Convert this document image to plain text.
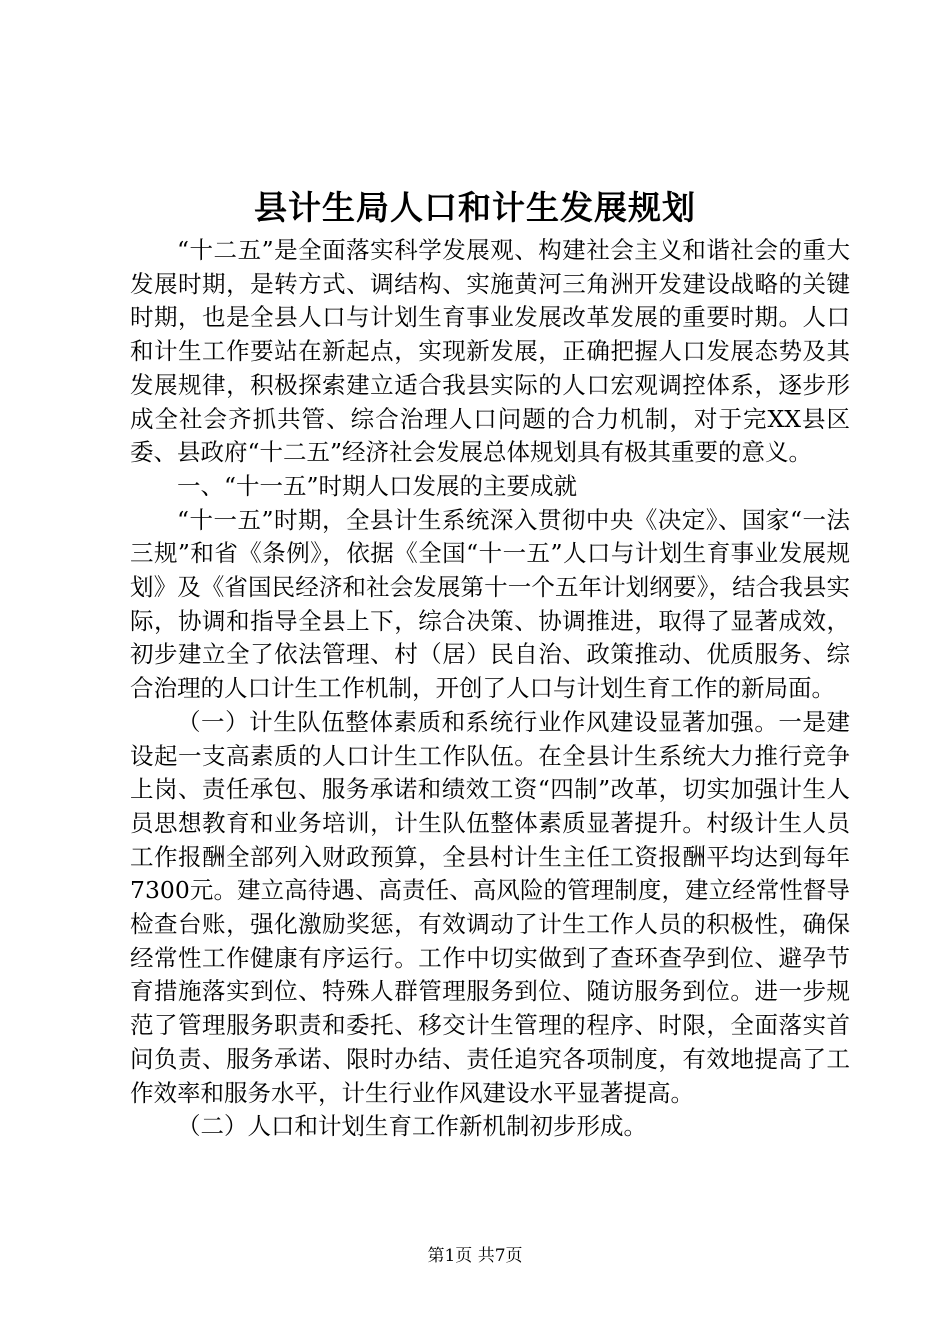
县计生局人口和计生发展规划

“十二五”是全面落实科学发展观、构建社会主义和谐社会的重大发展时期，是转方式、调结构、实施黄河三角洲开发建设战略的关键时期，也是全县人口与计划生育事业发展改革发展的重要时期。人口和计生工作要站在新起点，实现新发展，正确把握人口发展态势及其发展规律，积极探索建立适合我县实际的人口宏观调控体系，逐步形成全社会齐抓共管、综合治理人口问题的合力机制，对于完XX县区委、县政府“十二五”经济社会发展总体规划具有极其重要的意义。

一、“十一五”时期人口发展的主要成就

“十一五”时期，全县计生系统深入贯彻中央《决定》、国家“一法三规”和省《条例》，依据《全国“十一五”人口与计划生育事业发展规划》及《省国民经济和社会发展第十一个五年计划纲要》，结合我县实际，协调和指导全县上下，综合决策、协调推进，取得了显著成效，初步建立全了依法管理、村（居）民自治、政策推动、优质服务、综合治理的人口计生工作机制，开创了人口与计划生育工作的新局面。

（一）计生队伍整体素质和系统行业作风建设显著加强。一是建设起一支高素质的人口计生工作队伍。在全县计生系统大力推行竞争上岗、责任承包、服务承诺和绩效工资“四制”改革，切实加强计生人员思想教育和业务培训，计生队伍整体素质显著提升。村级计生人员工作报酬全部列入财政预算，全县村计生主任工资报酬平均达到每年7300元。建立高待遇、高责任、高风险的管理制度，建立经常性督导检查台账，强化激励奖惩，有效调动了计生工作人员的积极性，确保经常性工作健康有序运行。工作中切实做到了查环查孕到位、避孕节育措施落实到位、特殊人群管理服务到位、随访服务到位。进一步规范了管理服务职责和委托、移交计生管理的程序、时限，全面落实首问负责、服务承诺、限时办结、责任追究各项制度，有效地提高了工作效率和服务水平，计生行业作风建设水平显著提高。

（二）人口和计划生育工作新机制初步形成。

第1页 共7页
